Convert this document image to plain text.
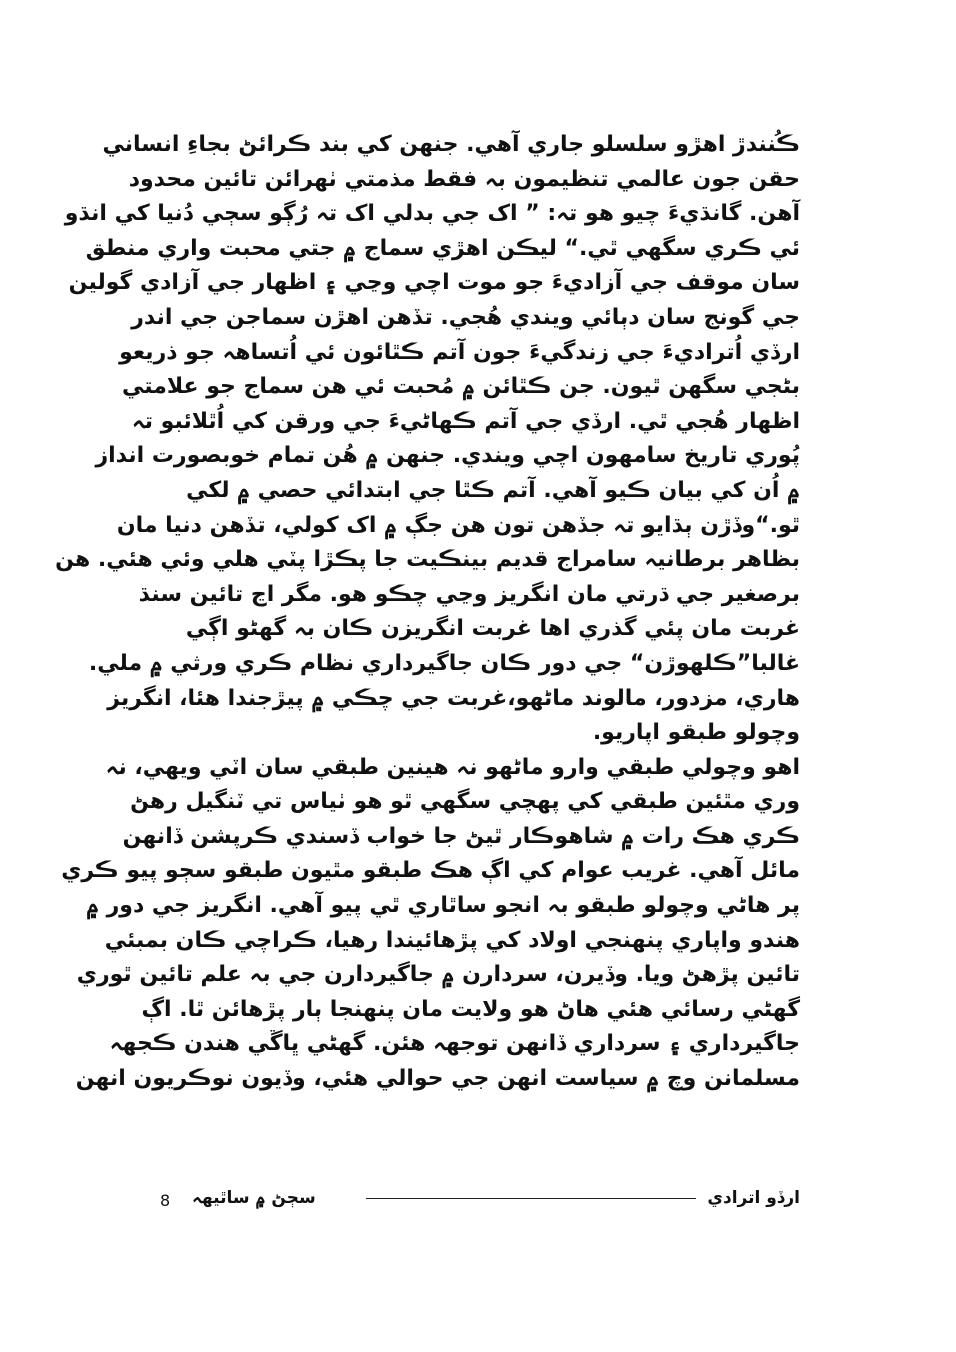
ڪُنندڙ اهڙو سلسلو جاري آهي. جنهن کي بند ڪرائڻ بجاءِ انساني
حقن جون عالمي تنظيمون بہ فقط مذمتي ٺهرائن تائين محدود
آهن. گانڌيءَ چيو هو تہ: ” اک جي بدلي اک تہ رُڳو سڄي دُنيا کي انڌو
ئي ڪري سگهي ٿي.“ ليڪن اهڙي سماج ۾ جتي محبت واري منطق
سان موقف جي آزاديءَ جو موت اچي وڃي ۽ اظهار جي آزادي گولين
جي گونج سان دٻائي ويندي هُجي. تڏهن اهڙن سماجن جي اندر
ارڏي اُترادي‌ءَ جي زندگي‌ءَ جون آتم ڪٿائون ئي اُتساهہ جو ذريعو
بڻجي سگهن ٿيون. جن ڪٿائن ۾ مُحبت ئي هن سماج جو علامتي
اظهار هُجي ٿي. ارڏي جي آتم ڪهاڻيءَ جي ورقن کي اُٿلائبو تہ
پُوري تاريخ سامهون اچي ويندي. جنهن ۾ هُن تمام خوبصورت انداز
۾ اُن کي بيان ڪيو آهي. آتم ڪٿا جي ابتدائي حصي ۾ لکي
ٿو.“وڏڙن ٻڌايو تہ جڏهن تون هن جڳ ۾ اک کولي، تڏهن دنيا مان
بظاهر برطانيہ سامراج قديم بينڪيت جا پڪڙا پٽي هلي وئي هئي. هن
برصغير جي ڌرتي مان انگريز وڃي چڪو هو. مگر اڃ تائين سنڌ
غربت مان پئي گذري اها غربت انگريزن ڪان بہ گهڻو اڳي
غالبا”ڪلهوڙن“ جي دور ڪان جاگيرداري نظام ڪري ورثي ۾ ملي.
هاري، مزدور، مالوند ماڻهو،غربت جي چڪي ۾ پيڙجندا هئا، انگريز
وچولو طبقو اپاريو.
اهو وچولي طبقي وارو ماڻهو نہ هينين طبقي سان اٽي ويهي، نہ
وري مٿئين طبقي کي پهچي سگهي ٿو هو ٺياس تي ٽنگيل رهڻ
ڪري هڪ رات ۾ شاهوڪار ٿيڻ جا خواب ڏسندي ڪرپشن ڏانهن
مائل آهي. غريب عوام کي اڳ هڪ طبقو مٿيون طبقو سڄو پيو ڪري
پر هاڻي وچولو طبقو بہ انجو ساٿاري ٿي پيو آهي. انگريز جي دور ۾
هندو واپاري پنهنجي اولاد کي پڙهائيندا رهيا، ڪراچي ڪان بمبئي
تائين پڙهڻ ويا. وڏيرن، سردارن ۾ جاگيردارن جي بہ علم تائين ٿوري
گهڻي رسائي هئي هاڻ هو ولايت مان پنهنجا ٻار پڙهائن ٿا. اڳ
جاگيرداري ۽ سرداري ڏانهن توجهہ هئن. گهڻي ڀاڱي هندن ڪجهہ
مسلمانن وچ ۾ سياست انهن جي حوالي هئي، وڏيون نوڪريون انهن
ارڏو اترادي
سڄڻ ۾ ساٿيهہ
8
